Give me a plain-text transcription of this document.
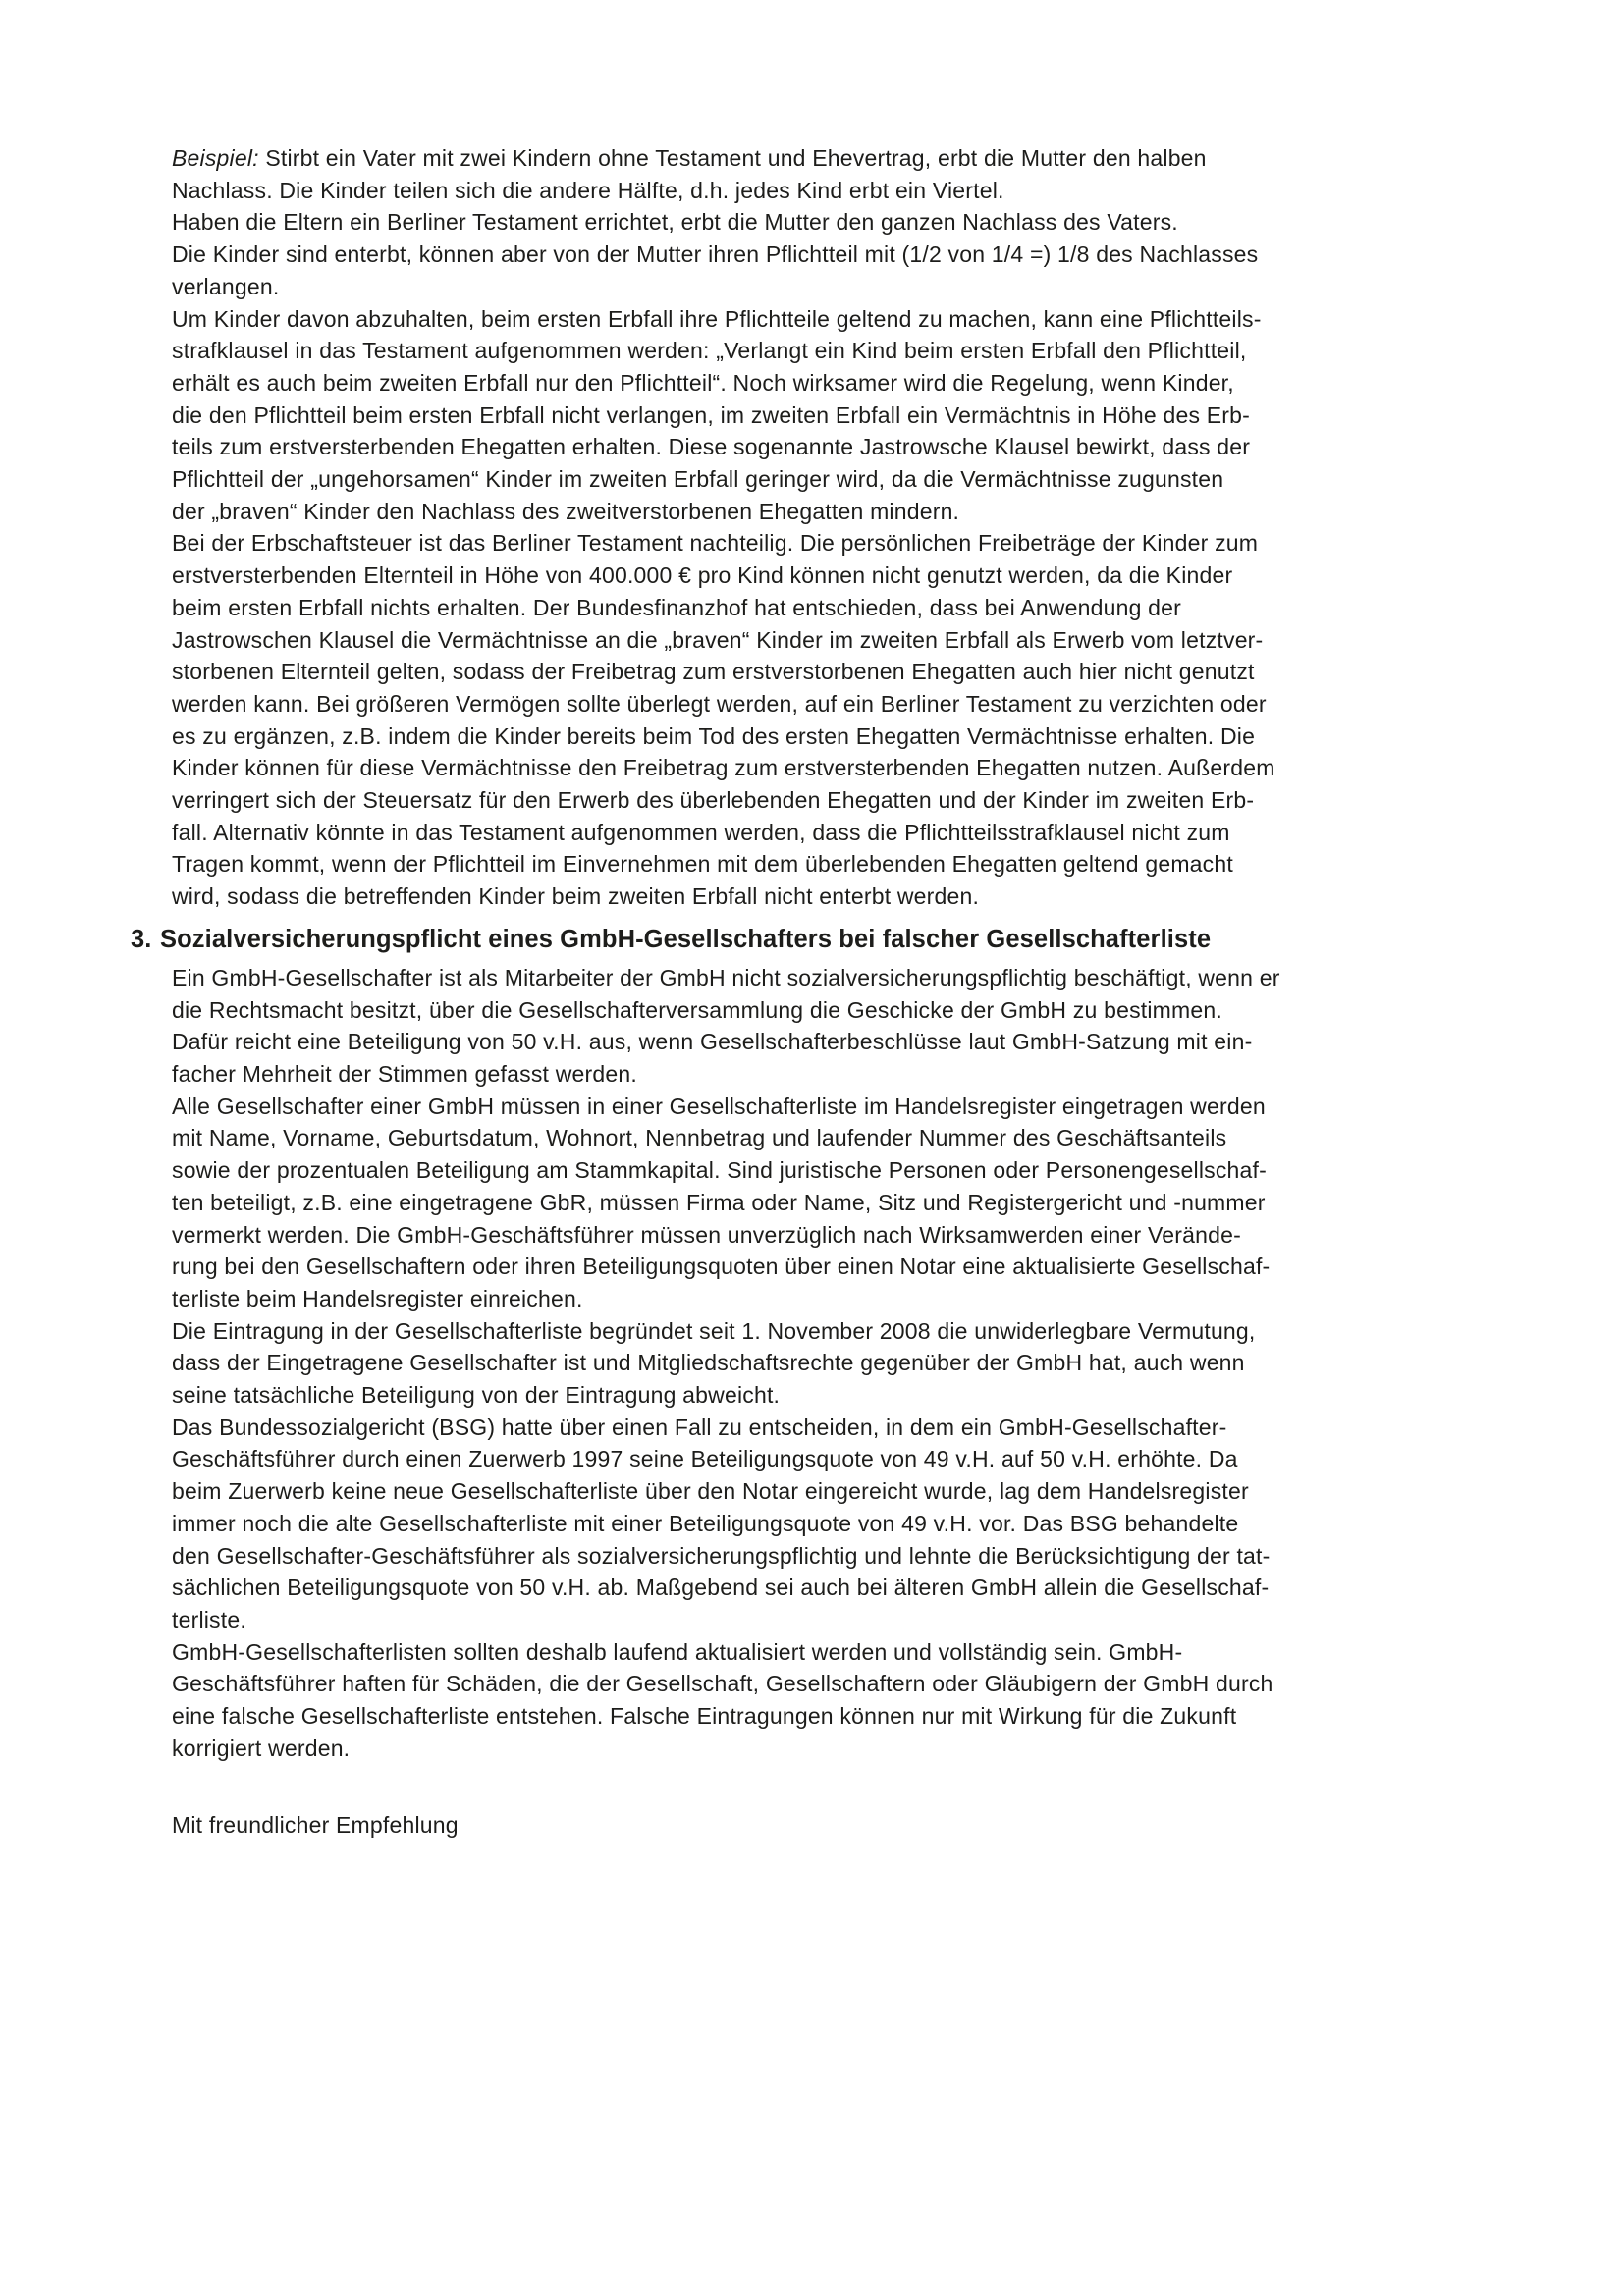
Beispiel: Stirbt ein Vater mit zwei Kindern ohne Testament und Ehevertrag, erbt die Mutter den halben
Nachlass. Die Kinder teilen sich die andere Hälfte, d.h. jedes Kind erbt ein Viertel.
Haben die Eltern ein Berliner Testament errichtet, erbt die Mutter den ganzen Nachlass des Vaters.
Die Kinder sind enterbt, können aber von der Mutter ihren Pflichtteil mit (1/2 von 1/4 =) 1/8 des Nachlasses
verlangen.
Um Kinder davon abzuhalten, beim ersten Erbfall ihre Pflichtteile geltend zu machen, kann eine Pflichtteils-
strafklausel in das Testament aufgenommen werden: „Verlangt ein Kind beim ersten Erbfall den Pflichtteil,
erhält es auch beim zweiten Erbfall nur den Pflichtteil“. Noch wirksamer wird die Regelung, wenn Kinder,
die den Pflichtteil beim ersten Erbfall nicht verlangen, im zweiten Erbfall ein Vermächtnis in Höhe des Erb-
teils zum erstversterbenden Ehegatten erhalten. Diese sogenannte Jastrowsche Klausel bewirkt, dass der
Pflichtteil der „ungehorsamen“ Kinder im zweiten Erbfall geringer wird, da die Vermächtnisse zugunsten
der „braven“ Kinder den Nachlass des zweitverstorbenen Ehegatten mindern.
Bei der Erbschaftsteuer ist das Berliner Testament nachteilig. Die persönlichen Freibeträge der Kinder zum
erstversterbenden Elternteil in Höhe von 400.000 € pro Kind können nicht genutzt werden, da die Kinder
beim ersten Erbfall nichts erhalten. Der Bundesfinanzhof hat entschieden, dass bei Anwendung der
Jastrowschen Klausel die Vermächtnisse an die „braven“ Kinder im zweiten Erbfall als Erwerb vom letztver-
storbenen Elternteil gelten, sodass der Freibetrag zum erstverstorbenen Ehegatten auch hier nicht genutzt
werden kann. Bei größeren Vermögen sollte überlegt werden, auf ein Berliner Testament zu verzichten oder
es zu ergänzen, z.B. indem die Kinder bereits beim Tod des ersten Ehegatten Vermächtnisse erhalten. Die
Kinder können für diese Vermächtnisse den Freibetrag zum erstversterbenden Ehegatten nutzen. Außerdem
verringert sich der Steuersatz für den Erwerb des überlebenden Ehegatten und der Kinder im zweiten Erb-
fall. Alternativ könnte in das Testament aufgenommen werden, dass die Pflichtteilsstrafklausel nicht zum
Tragen kommt, wenn der Pflichtteil im Einvernehmen mit dem überlebenden Ehegatten geltend gemacht
wird, sodass die betreffenden Kinder beim zweiten Erbfall nicht enterbt werden.
3. Sozialversicherungspflicht eines GmbH-Gesellschafters bei falscher Gesellschafterliste
Ein GmbH-Gesellschafter ist als Mitarbeiter der GmbH nicht sozialversicherungspflichtig beschäftigt, wenn er
die Rechtsmacht besitzt, über die Gesellschafterversammlung die Geschicke der GmbH zu bestimmen.
Dafür reicht eine Beteiligung von 50 v.H. aus, wenn Gesellschafterbeschlüsse laut GmbH-Satzung mit ein-
facher Mehrheit der Stimmen gefasst werden.
Alle Gesellschafter einer GmbH müssen in einer Gesellschafterliste im Handelsregister eingetragen werden
mit Name, Vorname, Geburtsdatum, Wohnort, Nennbetrag und laufender Nummer des Geschäftsanteils
sowie der prozentualen Beteiligung am Stammkapital. Sind juristische Personen oder Personengesellschaf-
ten beteiligt, z.B. eine eingetragene GbR, müssen Firma oder Name, Sitz und Registergericht und -nummer
vermerkt werden. Die GmbH-Geschäftsführer müssen unverzüglich nach Wirksamwerden einer Verände-
rung bei den Gesellschaftern oder ihren Beteiligungsquoten über einen Notar eine aktualisierte Gesellschaf-
terliste beim Handelsregister einreichen.
Die Eintragung in der Gesellschafterliste begründet seit 1. November 2008 die unwiderlegbare Vermutung,
dass der Eingetragene Gesellschafter ist und Mitgliedschaftsrechte gegenüber der GmbH hat, auch wenn
seine tatsächliche Beteiligung von der Eintragung abweicht.
Das Bundessozialgericht (BSG) hatte über einen Fall zu entscheiden, in dem ein GmbH-Gesellschafter-
Geschäftsführer durch einen Zuerwerb 1997 seine Beteiligungsquote von 49 v.H. auf 50 v.H. erhöhte. Da
beim Zuerwerb keine neue Gesellschafterliste über den Notar eingereicht wurde, lag dem Handelsregister
immer noch die alte Gesellschafterliste mit einer Beteiligungsquote von 49 v.H. vor. Das BSG behandelte
den Gesellschafter-Geschäftsführer als sozialversicherungspflichtig und lehnte die Berücksichtigung der tat-
sächlichen Beteiligungsquote von 50 v.H. ab. Maßgebend sei auch bei älteren GmbH allein die Gesellschaf-
terliste.
GmbH-Gesellschafterlisten sollten deshalb laufend aktualisiert werden und vollständig sein. GmbH-
Geschäftsführer haften für Schäden, die der Gesellschaft, Gesellschaftern oder Gläubigern der GmbH durch
eine falsche Gesellschafterliste entstehen. Falsche Eintragungen können nur mit Wirkung für die Zukunft
korrigiert werden.
Mit freundlicher Empfehlung
